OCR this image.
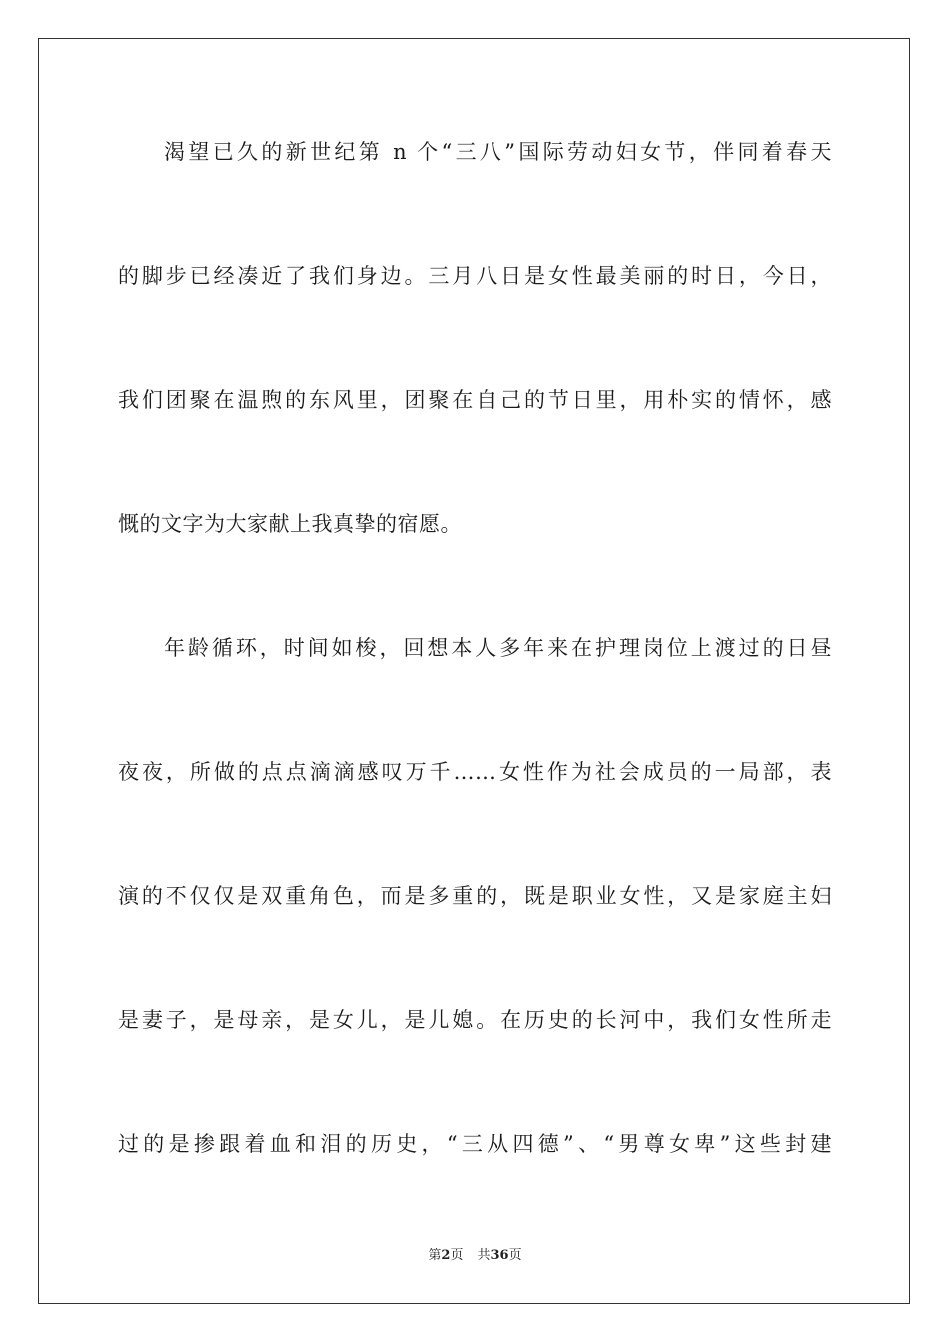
渴望已久的新世纪第 n 个“三八”国际劳动妇女节，伴同着春天
的脚步已经凑近了我们身边。三月八日是女性最美丽的时日，今日，
我们团聚在温煦的东风里，团聚在自己的节日里，用朴实的情怀，感
慨的文字为大家献上我真挚的宿愿。
年龄循环，时间如梭，回想本人多年来在护理岗位上渡过的日昼
夜夜，所做的点点滴滴感叹万千……女性作为社会成员的一局部，表
演的不仅仅是双重角色，而是多重的，既是职业女性，又是家庭主妇
是妻子，是母亲，是女儿，是儿媳。在历史的长河中，我们女性所走
过的是掺跟着血和泪的历史，“三从四德”、“男尊女卑”这些封建
第2页 共36页
